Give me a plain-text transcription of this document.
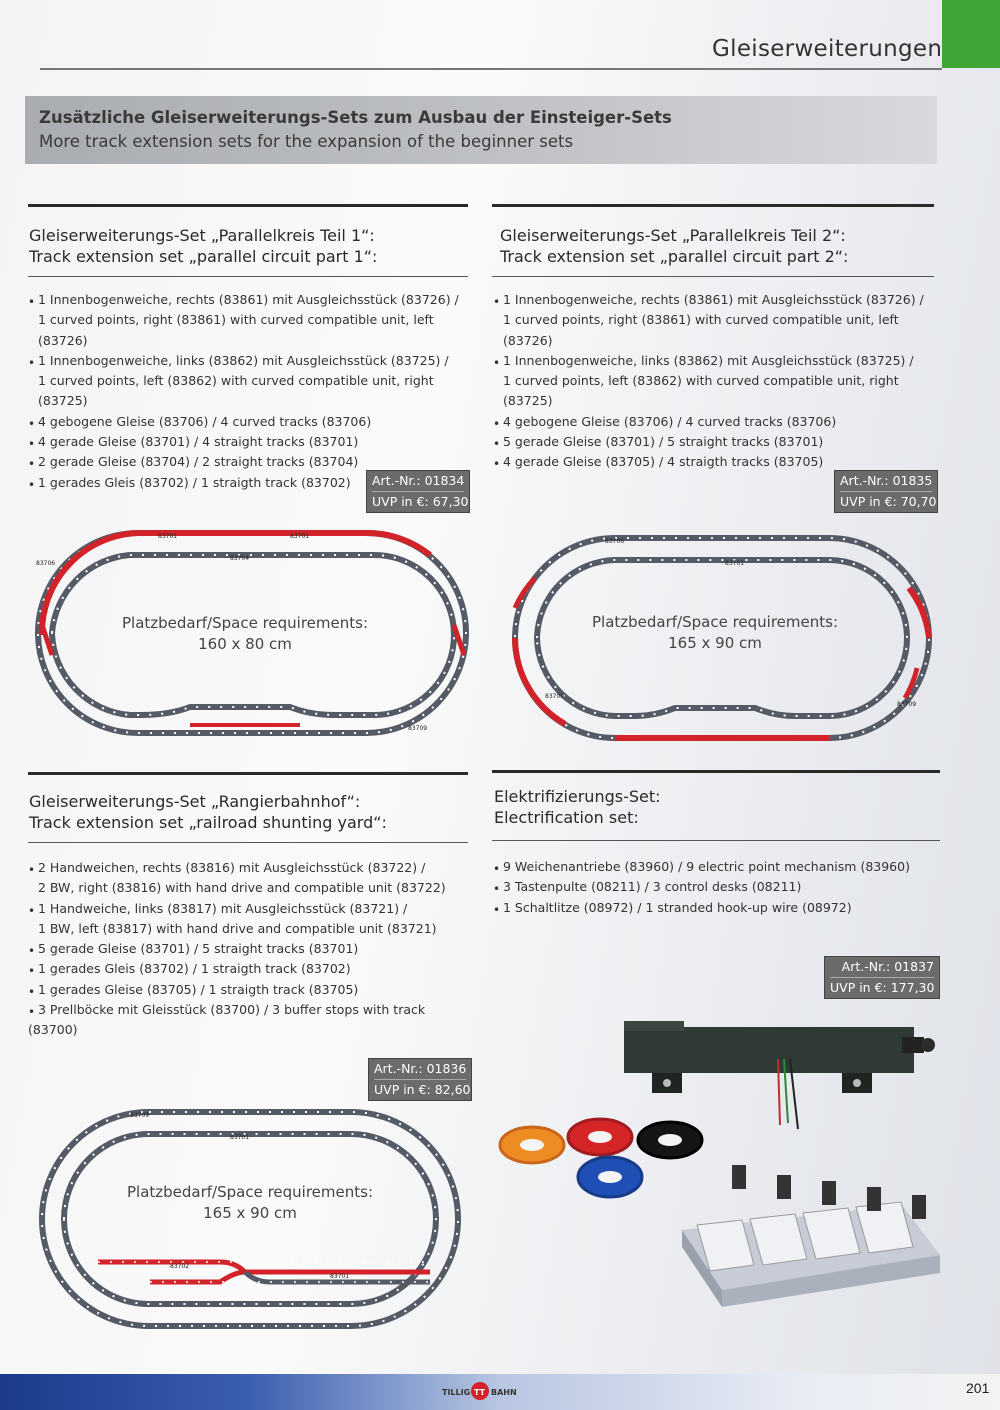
Gleiserweiterungen
Zusätzliche Gleiserweiterungs-Sets zum Ausbau der Einsteiger-Sets
More track extension sets for the expansion of the beginner sets
Gleiserweiterungs-Set „Parallelkreis Teil 1“:
Track extension set „parallel circuit part 1“:
• 1 Innenbogenweiche, rechts (83861) mit Ausgleichsstück (83726) /
1 curved points, right (83861) with curved compatible unit, left (83726)
• 1 Innenbogenweiche, links (83862) mit Ausgleichsstück (83725) /
1 curved points, left (83862) with curved compatible unit, right (83725)
• 4 gebogene Gleise (83706) / 4 curved tracks (83706)
• 4 gerade Gleise (83701) / 4 straight tracks (83701)
• 2 gerade Gleise (83704) / 2 straight tracks (83704)
• 1 gerades Gleis (83702) / 1 straigth track (83702)	Art.-Nr.: 01834
UVP in €: 67,30
83701	83701
83704
83706
83709
Platzbedarf/Space requirements:
160 x 80 cm
Gleiserweiterungs-Set „Parallelkreis Teil 2“:
Track extension set „parallel circuit part 2“:
• 1 Innenbogenweiche, rechts (83861) mit Ausgleichsstück (83726) /
1 curved points, right (83861) with curved compatible unit, left (83726)
• 1 Innenbogenweiche, links (83862) mit Ausgleichsstück (83725) /
1 curved points, left (83862) with curved compatible unit, right (83725)
• 4 gebogene Gleise (83706) / 4 curved tracks (83706)
• 5 gerade Gleise (83701) / 5 straight tracks (83701)
• 4 gerade Gleise (83705) / 4 straigth tracks (83705)
Art.-Nr.: 01835
UVP in €: 70,70
83706
83701
83709
83709
Platzbedarf/Space requirements:
165 x 90 cm
Gleiserweiterungs-Set „Rangierbahnhof“:
Track extension set „railroad shunting yard“:
• 2 Handweichen, rechts (83816) mit Ausgleichsstück (83722) /
2 BW, right (83816) with hand drive and compatible unit (83722)
• 1 Handweiche, links (83817) mit Ausgleichsstück (83721) /
1 BW, left (83817) with hand drive and compatible unit (83721)
• 5 gerade Gleise (83701) / 5 straight tracks (83701)
• 1 gerades Gleis (83702) / 1 straigth track (83702)
• 1 gerades Gleise (83705) / 1 straigth track (83705)
• 3 Prellböcke mit Gleisstück (83700) / 3 buffer stops with track (83700)
Art.-Nr.: 01836
UVP in €: 82,60
83709
83701
83702
83701
Platzbedarf/Space requirements:
165 x 90 cm
Elektrifizierungs-Set:
Electrification set:
• 9 Weichenantriebe (83960) / 9 electric point mechanism (83960)
• 3 Tastenpulte (08211) / 3 control desks (08211)
• 1 Schaltlitze (08972) / 1 stranded hook-up wire (08972)
Art.-Nr.: 01837
UVP in €: 177,30
TILLIG TT BAHN	201
